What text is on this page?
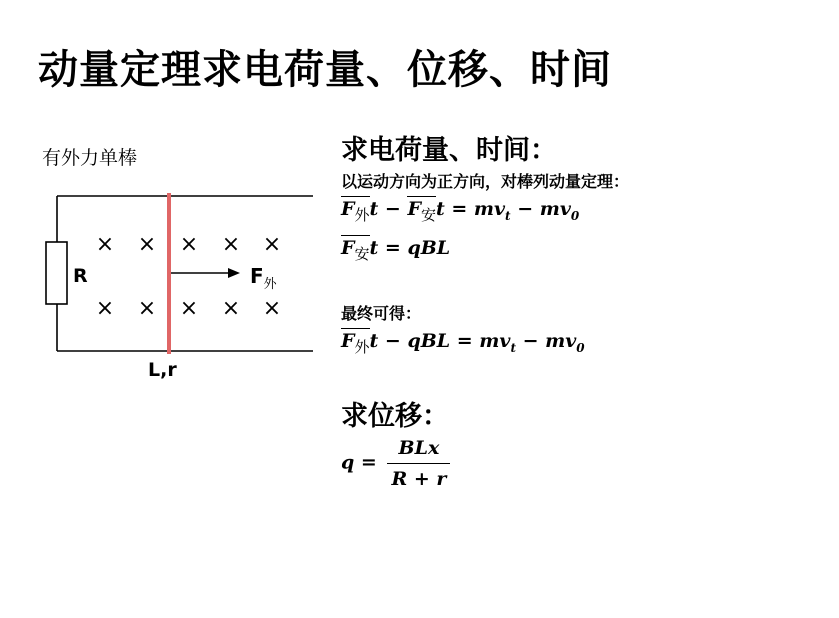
动量定理求电荷量、位移、时间
有外力单棒
R
× × × × ×
× × × × ×
L,r
$F_外$
求电荷量、时间：
以运动方向为正方向，对棒列动量定理：
$F_外t - F_安t = mv_t - mv_0$
$F_安t$ = qBL
最终可得：
$F_外t$ − qBL = $mv_t - mv_0$
求位移：
$q = \frac{\text{BLx}}{R + r}$
